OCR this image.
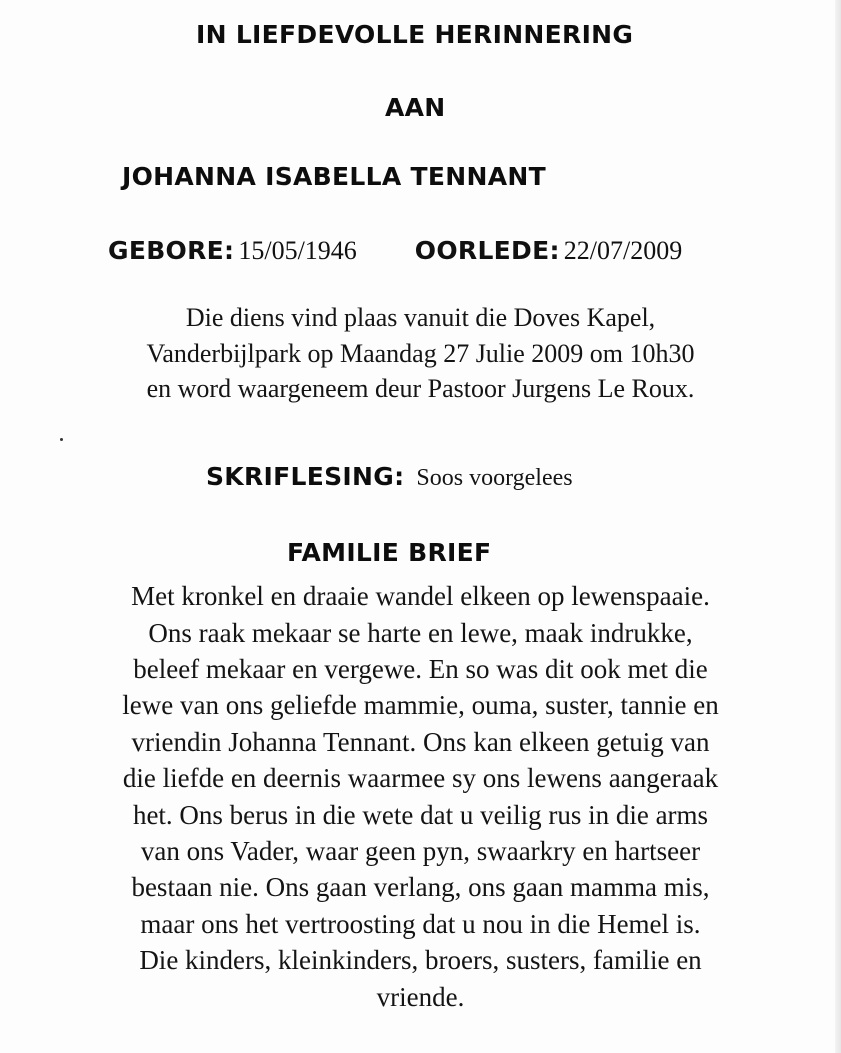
IN LIEFDEVOLLE HERINNERING
AAN
JOHANNA ISABELLA TENNANT
GEBORE: 15/05/1946 OORLEDE: 22/07/2009
Die diens vind plaas vanuit die Doves Kapel,
Vanderbijlpark op Maandag 27 Julie 2009 om 10h30
en word waargeneem deur Pastoor Jurgens Le Roux.
SKRIFLESING: Soos voorgelees
FAMILIE BRIEF
Met kronkel en draaie wandel elkeen op lewenspaaie.
Ons raak mekaar se harte en lewe, maak indrukke,
beleef mekaar en vergewe. En so was dit ook met die
lewe van ons geliefde mammie, ouma, suster, tannie en
vriendin Johanna Tennant. Ons kan elkeen getuig van
die liefde en deernis waarmee sy ons lewens aangeraak
het. Ons berus in die wete dat u veilig rus in die arms
van ons Vader, waar geen pyn, swaarkry en hartseer
bestaan nie. Ons gaan verlang, ons gaan mamma mis,
maar ons het vertroosting dat u nou in die Hemel is.
Die kinders, kleinkinders, broers, susters, familie en
vriende.
